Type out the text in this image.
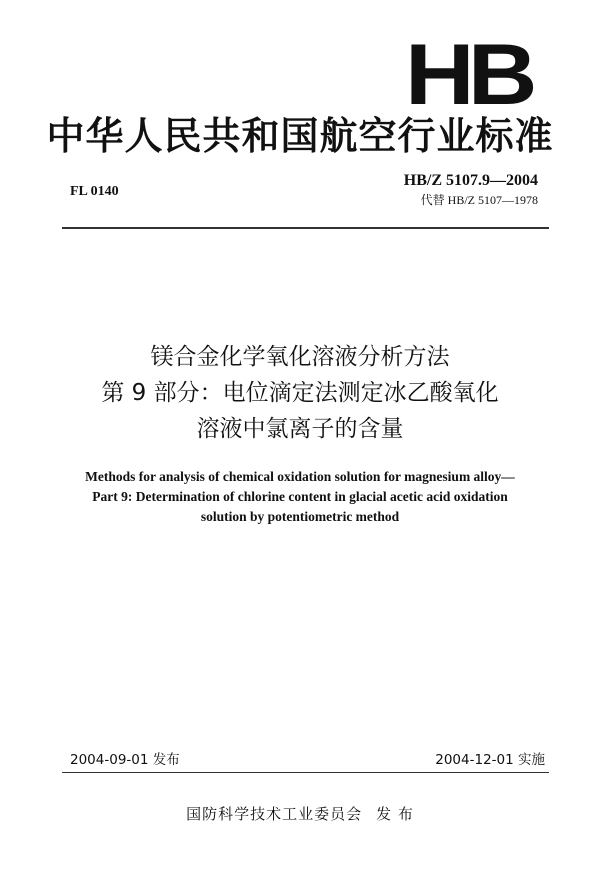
HB
中华人民共和国航空行业标准
FL 0140
HB/Z 5107.9—2004
代替 HB/Z 5107—1978
镁合金化学氧化溶液分析方法
第 9 部分：电位滴定法测定冰乙酸氧化
溶液中氯离子的含量
Methods for analysis of chemical oxidation solution for magnesium alloy—
Part 9: Determination of chlorine content in glacial acetic acid oxidation
solution by potentiometric method
2004-09-01 发布	2004-12-01 实施
国防科学技术工业委员会 发 布
